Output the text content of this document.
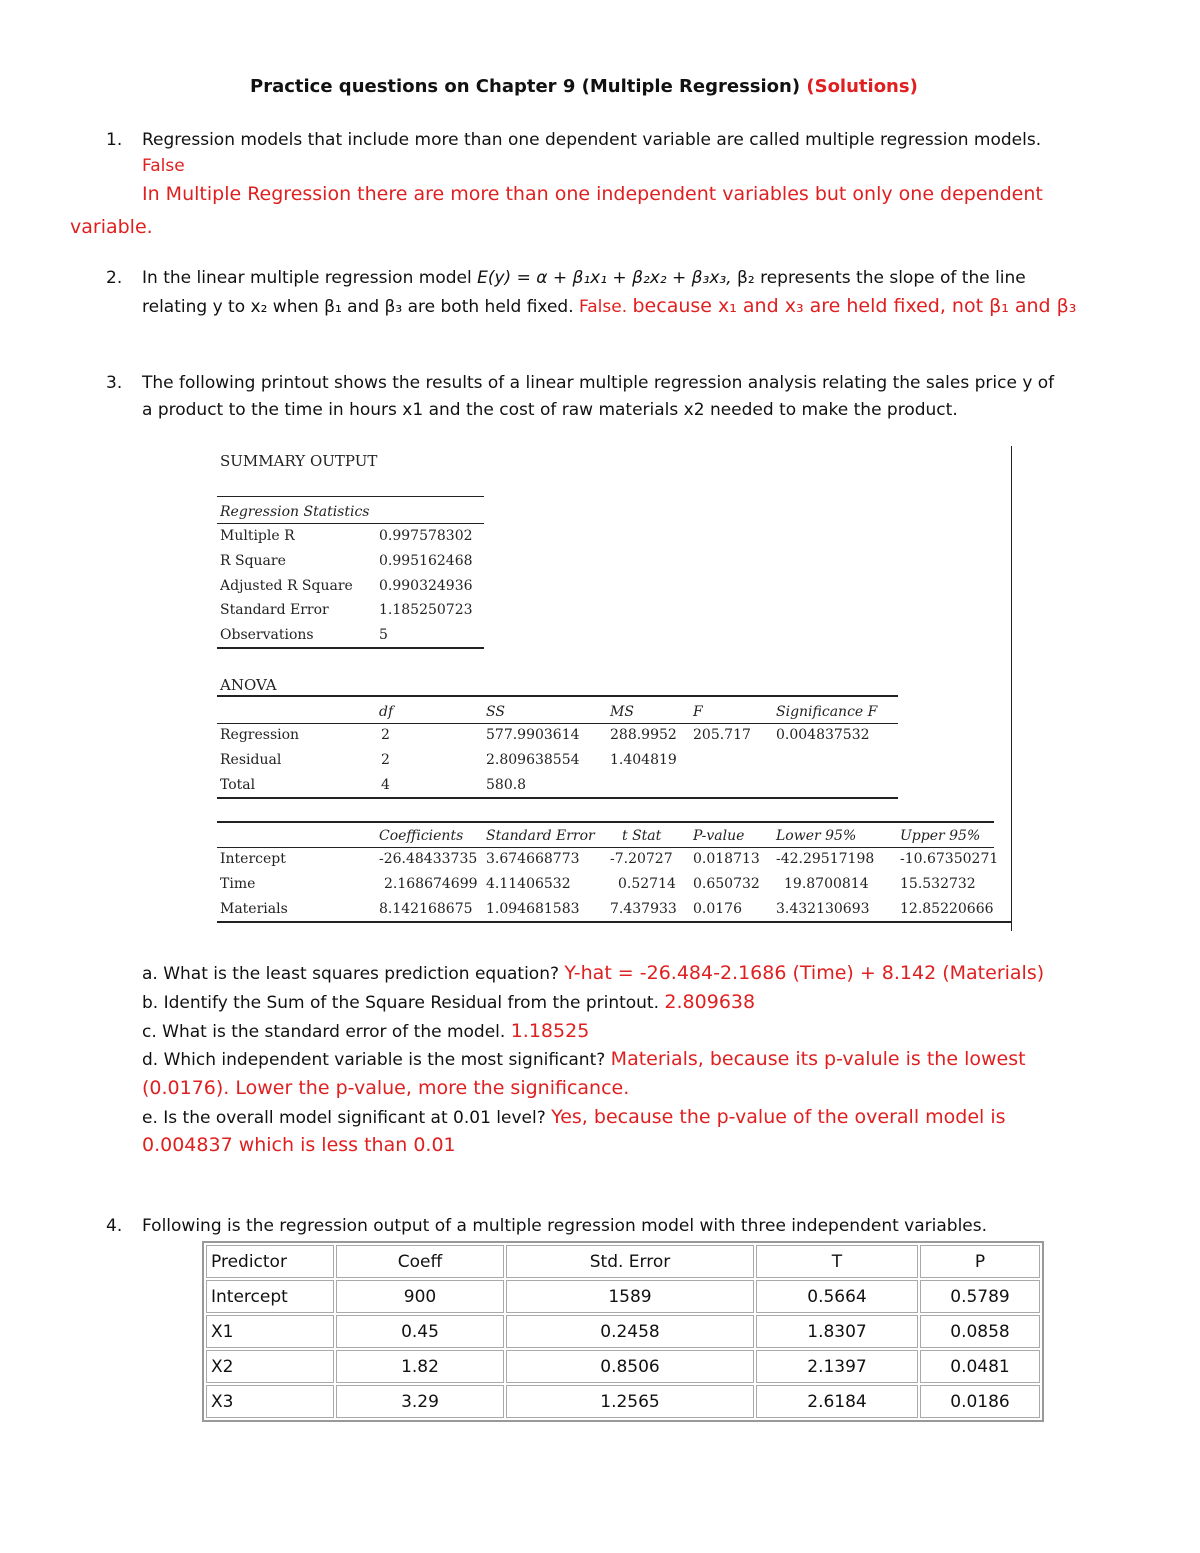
Practice questions on Chapter 9 (Multiple Regression) (Solutions)
1. Regression models that include more than one dependent variable are called multiple regression models.
False
In Multiple Regression there are more than one independent variables but only one dependent
variable.
2. In the linear multiple regression model E(y) = α + β₁x₁ + β₂x₂ + β₃x₃, β₂ represents the slope of the line
relating y to x₂ when β₁ and β₃ are both held fixed. False. because x₁ and x₃ are held fixed, not β₁ and β₃
3. The following printout shows the results of a linear multiple regression analysis relating the sales price y of
a product to the time in hours x1 and the cost of raw materials x2 needed to make the product.
SUMMARY OUTPUT
Regression Statistics
Multiple R	0.997578302
R Square	0.995162468
Adjusted R Square 0.990324936
Standard Error	1.185250723
Observations	5
ANOVA
df	SS	MS	F	Significance F
Regression	2	577.9903614 288.9952 205.717 0.004837532
Residual	2	2.809638554 1.404819
Total	4	580.8
Coefficients Standard Error t Stat P-value Lower 95%	Upper 95%
Intercept	-26.48433735 3.674668773 -7.20727 0.018713 -42.29517198 -10.67350271
Time	2.168674699 4.11406532	0.52714 0.650732 19.8700814 15.532732
Materials	8.142168675 1.094681583 7.437933 0.0176 3.432130693 12.85220666
a. What is the least squares prediction equation? Y-hat = -26.484-2.1686 (Time) + 8.142 (Materials)
b. Identify the Sum of the Square Residual from the printout. 2.809638
c. What is the standard error of the model. 1.18525
d. Which independent variable is the most significant? Materials, because its p-valule is the lowest
(0.0176). Lower the p-value, more the significance.
e. Is the overall model significant at 0.01 level? Yes, because the p-value of the overall model is
0.004837 which is less than 0.01
4. Following is the regression output of a multiple regression model with three independent variables.
Predictor	Coeff	Std. Error	T	P
Intercept	900	1589	0.5664	0.5789
X1	0.45	0.2458	1.8307	0.0858
X2	1.82	0.8506	2.1397	0.0481
X3	3.29	1.2565	2.6184	0.0186
